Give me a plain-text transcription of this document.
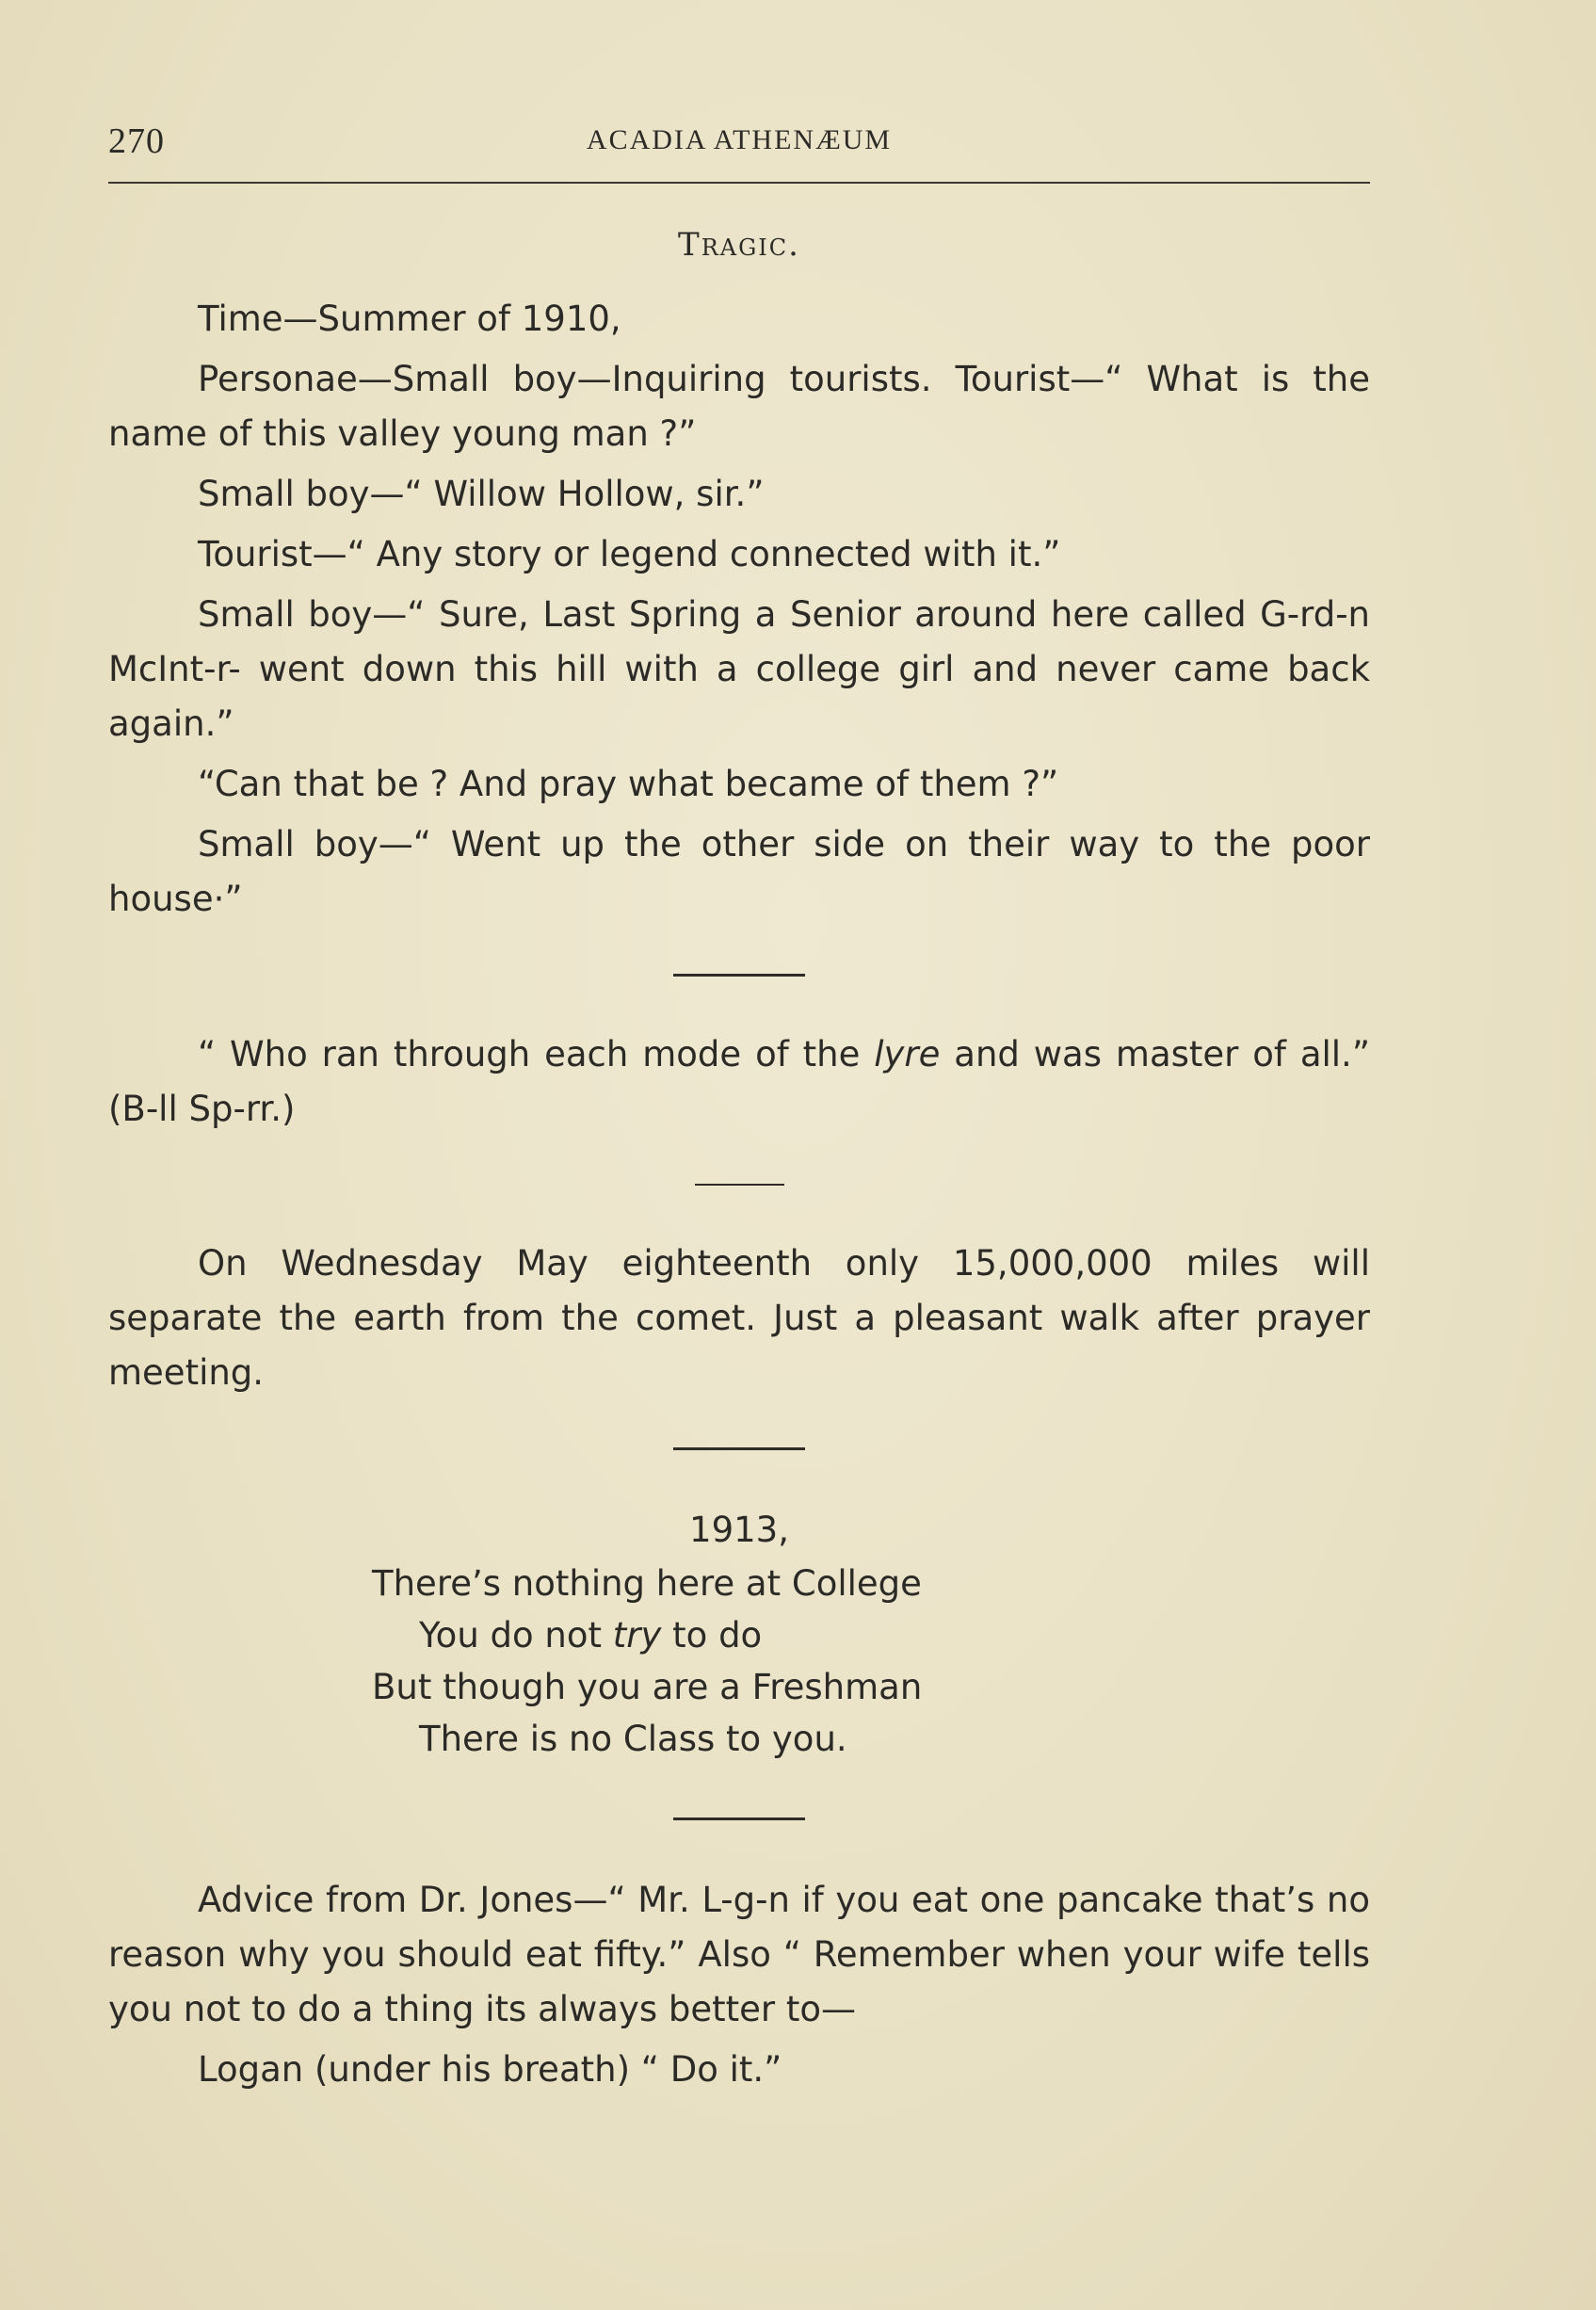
270	ACADIA ATHENÆUM
Tragic.

Time—Summer of 1910,

Personae—Small boy—Inquiring tourists. Tourist—“ What is the name of this valley young man ?”

Small boy—“ Willow Hollow, sir.”

Tourist—“ Any story or legend connected with it.”

Small boy—“ Sure, Last Spring a Senior around here called G-rd-n McInt-r- went down this hill with a college girl and never came back again.”

“Can that be ? And pray what became of them ?”

Small boy—“ Went up the other side on their way to the poor house·”

“ Who ran through each mode of the lyre and was master of all.” (B-ll Sp-rr.)

On Wednesday May eighteenth only 15,000,000 miles will separate the earth from the comet. Just a pleasant walk after prayer meeting.

1913,
There’s nothing here at College
You do not try to do
But though you are a Freshman
There is no Class to you.

Advice from Dr. Jones—“ Mr. L-g-n if you eat one pancake that’s no reason why you should eat fifty.” Also “ Remember when your wife tells you not to do a thing its always better to—

Logan (under his breath) “ Do it.”
